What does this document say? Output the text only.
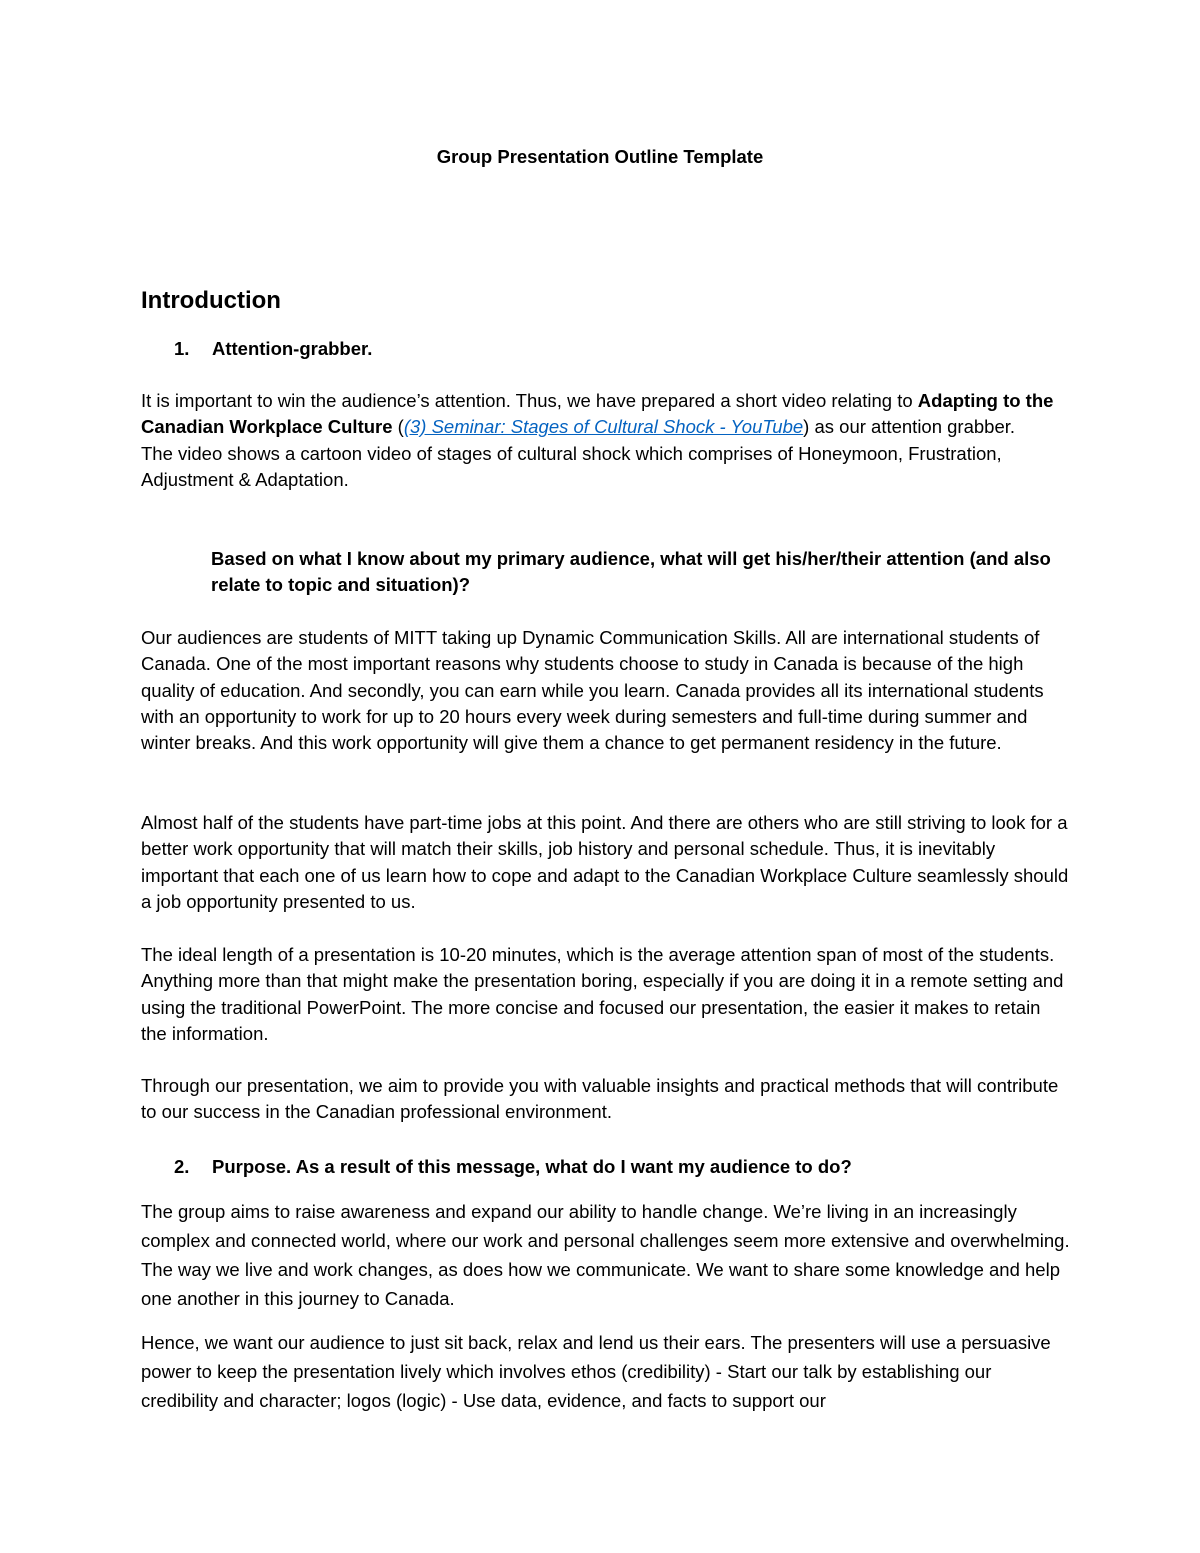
Group Presentation Outline Template

Introduction

1. Attention-grabber.

It is important to win the audience’s attention. Thus, we have prepared a short video relating to Adapting to the Canadian Workplace Culture ((3) Seminar: Stages of Cultural Shock - YouTube) as our attention grabber.
The video shows a cartoon video of stages of cultural shock which comprises of Honeymoon, Frustration, Adjustment & Adaptation.

Based on what I know about my primary audience, what will get his/her/their attention (and also relate to topic and situation)?

Our audiences are students of MITT taking up Dynamic Communication Skills. All are international students of Canada. One of the most important reasons why students choose to study in Canada is because of the high quality of education. And secondly, you can earn while you learn. Canada provides all its international students with an opportunity to work for up to 20 hours every week during semesters and full-time during summer and winter breaks. And this work opportunity will give them a chance to get permanent residency in the future.

Almost half of the students have part-time jobs at this point. And there are others who are still striving to look for a better work opportunity that will match their skills, job history and personal schedule. Thus, it is inevitably important that each one of us learn how to cope and adapt to the Canadian Workplace Culture seamlessly should a job opportunity presented to us.

The ideal length of a presentation is 10-20 minutes, which is the average attention span of most of the students. Anything more than that might make the presentation boring, especially if you are doing it in a remote setting and using the traditional PowerPoint. The more concise and focused our presentation, the easier it makes to retain the information.

Through our presentation, we aim to provide you with valuable insights and practical methods that will contribute to our success in the Canadian professional environment.

2. Purpose. As a result of this message, what do I want my audience to do?

The group aims to raise awareness and expand our ability to handle change. We’re living in an increasingly complex and connected world, where our work and personal challenges seem more extensive and overwhelming. The way we live and work changes, as does how we communicate. We want to share some knowledge and help one another in this journey to Canada.

Hence, we want our audience to just sit back, relax and lend us their ears. The presenters will use a persuasive power to keep the presentation lively which involves ethos (credibility) - Start our talk by establishing our credibility and character; logos (logic) - Use data, evidence, and facts to support our
